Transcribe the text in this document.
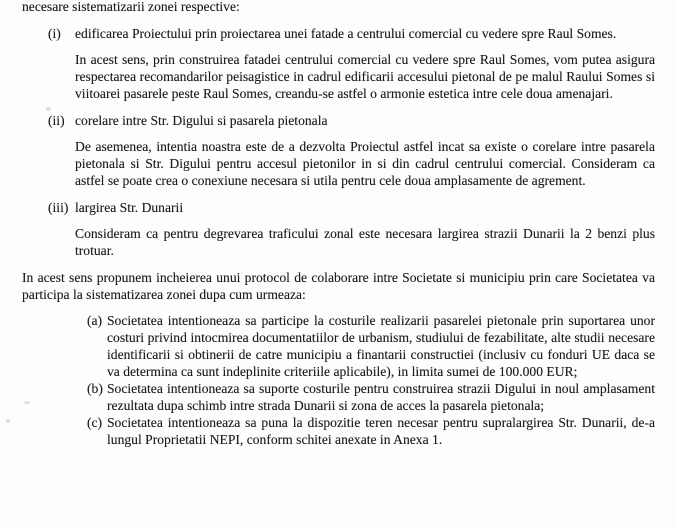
necesare sistematizarii zonei respective:

(i) edificarea Proiectului prin proiectarea unei fatade a centrului comercial cu vedere spre Raul Somes.

In acest sens, prin construirea fatadei centrului comercial cu vedere spre Raul Somes, vom putea asigura respectarea recomandarilor peisagistice in cadrul edificarii accesului pietonal de pe malul Raului Somes si viitoarei pasarele peste Raul Somes, creandu-se astfel o armonie estetica intre cele doua amenajari.

(ii) corelare intre Str. Digului si pasarela pietonala

De asemenea, intentia noastra este de a dezvolta Proiectul astfel incat sa existe o corelare intre pasarela pietonala si Str. Digului pentru accesul pietonilor in si din cadrul centrului comercial. Consideram ca astfel se poate crea o conexiune necesara si utila pentru cele doua amplasamente de agrement.

(iii) largirea Str. Dunarii

Consideram ca pentru degrevarea traficului zonal este necesara largirea strazii Dunarii la 2 benzi plus trotuar.

In acest sens propunem incheierea unui protocol de colaborare intre Societate si municipiu prin care Societatea va participa la sistematizarea zonei dupa cum urmeaza:

(a) Societatea intentioneaza sa participe la costurile realizarii pasarelei pietonale prin suportarea unor costuri privind intocmirea documentatiilor de urbanism, studiului de fezabilitate, alte studii necesare identificarii si obtinerii de catre municipiu a finantarii constructiei (inclusiv cu fonduri UE daca se va determina ca sunt indeplinite criteriile aplicabile), in limita sumei de 100.000 EUR;
(b) Societatea intentioneaza sa suporte costurile pentru construirea strazii Digului in noul amplasament rezultata dupa schimb intre strada Dunarii si zona de acces la pasarela pietonala;
(c) Societatea intentioneaza sa puna la dispozitie teren necesar pentru supralargirea Str. Dunarii, de-a lungul Proprietatii NEPI, conform schitei anexate in Anexa 1.
